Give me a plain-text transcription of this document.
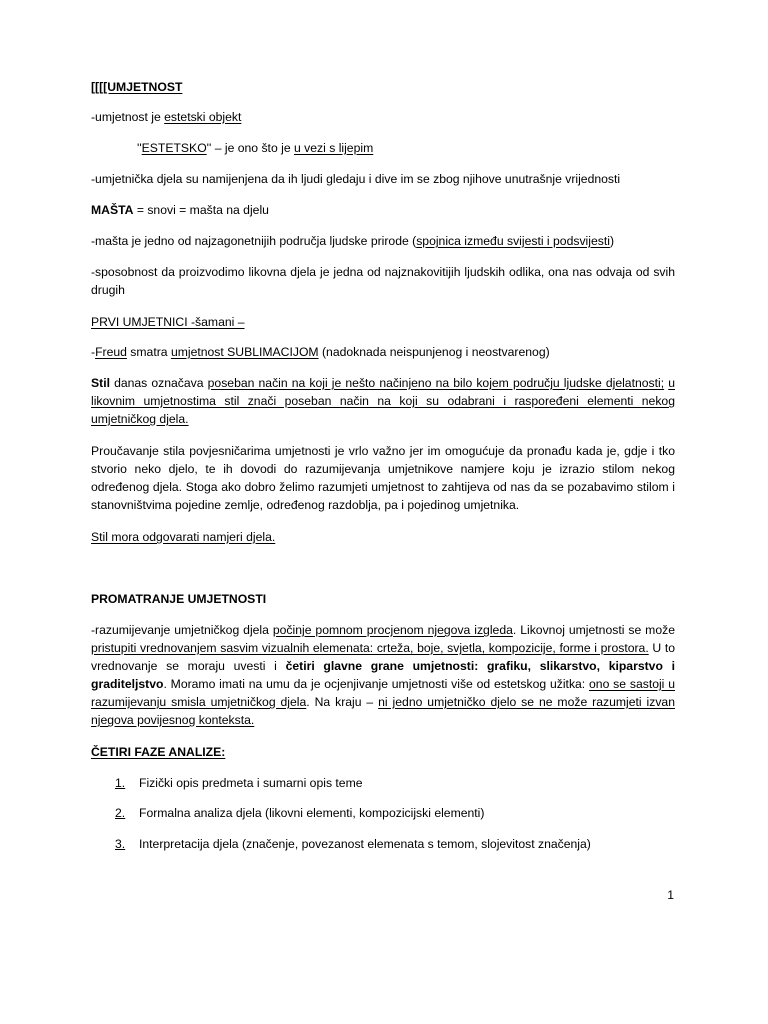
[[[[UMJETNOST
-umjetnost je estetski objekt
''ESTETSKO'' – je ono što je u vezi s lijepim
-umjetnička djela su namijenjena da ih ljudi gledaju i dive im se zbog njihove unutrašnje vrijednosti
MAŠTA = snovi = mašta na djelu
-mašta je jedno od najzagonetnijih područja ljudske prirode (spojnica između svijesti i podsvijesti)
-sposobnost da proizvodimo likovna djela je jedna od najznakovitijih ljudskih odlika, ona nas odvaja od svih drugih
PRVI UMJETNICI -šamani –
-Freud smatra umjetnost SUBLIMACIJOM (nadoknada neispunjenog i neostvarenog)
Stil danas označava poseban način na koji je nešto načinjeno na bilo kojem području ljudske djelatnosti; u likovnim umjetnostima stil znači poseban način na koji su odabrani i raspoređeni elementi nekog umjetničkog djela.
Proučavanje stila povjesničarima umjetnosti je vrlo važno jer im omogućuje da pronađu kada je, gdje i tko stvorio neko djelo, te ih dovodi do razumijevanja umjetnikove namjere koju je izrazio stilom nekog određenog djela. Stoga ako dobro želimo razumjeti umjetnost to zahtijeva od nas da se pozabavimo stilom i stanovništvima pojedine zemlje, određenog razdoblja, pa i pojedinog umjetnika.
Stil mora odgovarati namjeri djela.
PROMATRANJE UMJETNOSTI
-razumijevanje umjetničkog djela počinje pomnom procjenom njegova izgleda. Likovnoj umjetnosti se može pristupiti vrednovanjem sasvim vizualnih elemenata: crteža, boje, svjetla, kompozicije, forme i prostora. U to vrednovanje se moraju uvesti i četiri glavne grane umjetnosti: grafiku, slikarstvo, kiparstvo i graditeljstvo. Moramo imati na umu da je ocjenjivanje umjetnosti više od estetskog užitka: ono se sastoji u razumijevanju smisla umjetničkog djela. Na kraju – ni jedno umjetničko djelo se ne može razumjeti izvan njegova povijesnog konteksta.
ČETIRI FAZE ANALIZE:
1. Fizički opis predmeta i sumarni opis teme
2. Formalna analiza djela (likovni elementi, kompozicijski elementi)
3. Interpretacija djela (značenje, povezanost elemenata s temom, slojevitost značenja)
1
